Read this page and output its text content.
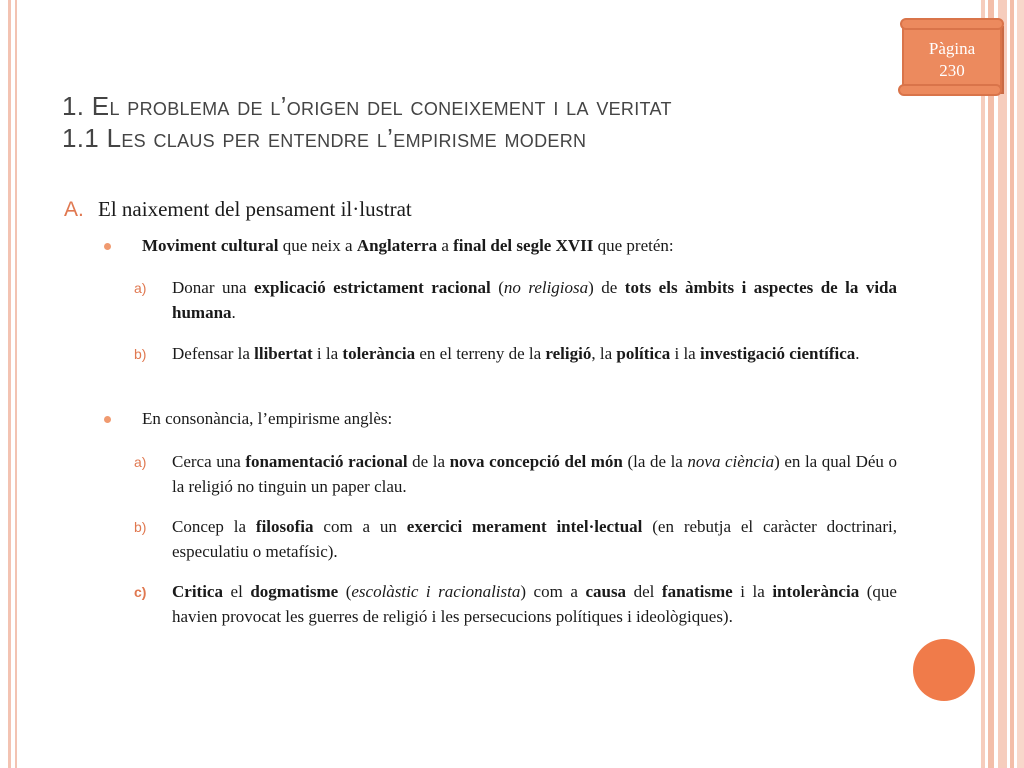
Pàgina
230
1. El problema de l’origen del coneixement i la veritat
1.1 Les claus per entendre l’empirisme modern
A. El naixement del pensament il·lustrat
Moviment cultural que neix a Anglaterra a final del segle XVII que pretén:
a) Donar una explicació estrictament racional (no religiosa) de tots els àmbits i aspectes de la vida humana.
b) Defensar la llibertat i la tolerància en el terreny de la religió, la política i la investigació científica.
En consonància, l’empirisme anglès:
a) Cerca una fonamentació racional de la nova concepció del món (la de la nova ciència) en la qual Déu o la religió no tinguin un paper clau.
b) Concep la filosofia com a un exercici merament intel·lectual (en rebutja el caràcter doctrinari, especulatiu o metafísic).
c) Critica el dogmatisme (escolàstic i racionalista) com a causa del fanatisme i la intolerància (que havien provocat les guerres de religió i les persecucions polítiques i ideològiques).
